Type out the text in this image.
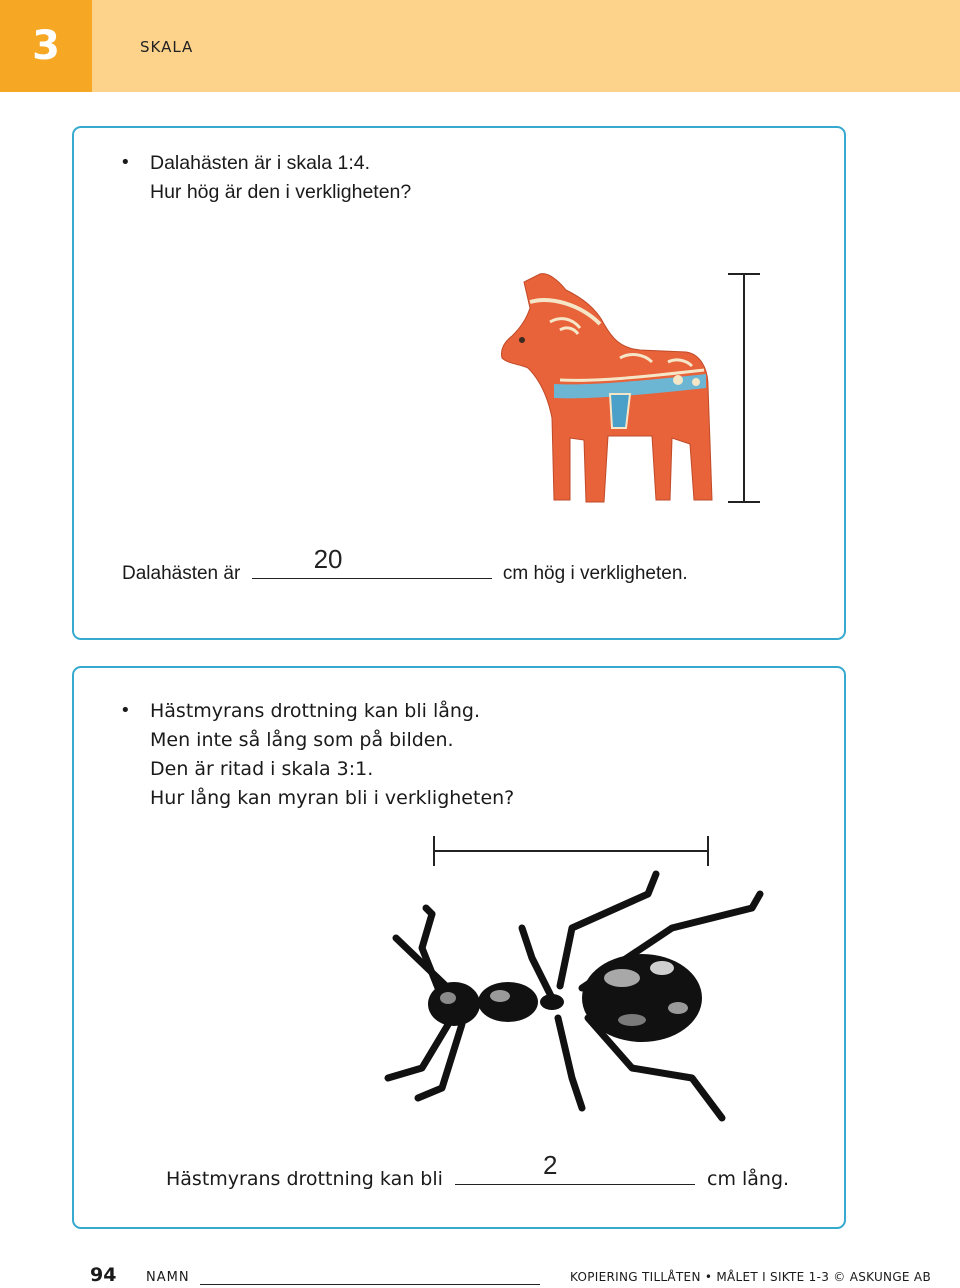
3	SKALA
• Dalahästen är i skala 1:4.
Hur hög är den i verkligheten?
Dalahästen är	20	cm hög i verkligheten.
• Hästmyrans drottning kan bli lång.
Men inte så lång som på bilden.
Den är ritad i skala 3:1.
Hur lång kan myran bli i verkligheten?
Hästmyrans drottning kan bli	2	cm lång.
94 NAMN	KOPIERING TILLÅTEN • MÅLET I SIKTE 1-3 © ASKUNGE AB
